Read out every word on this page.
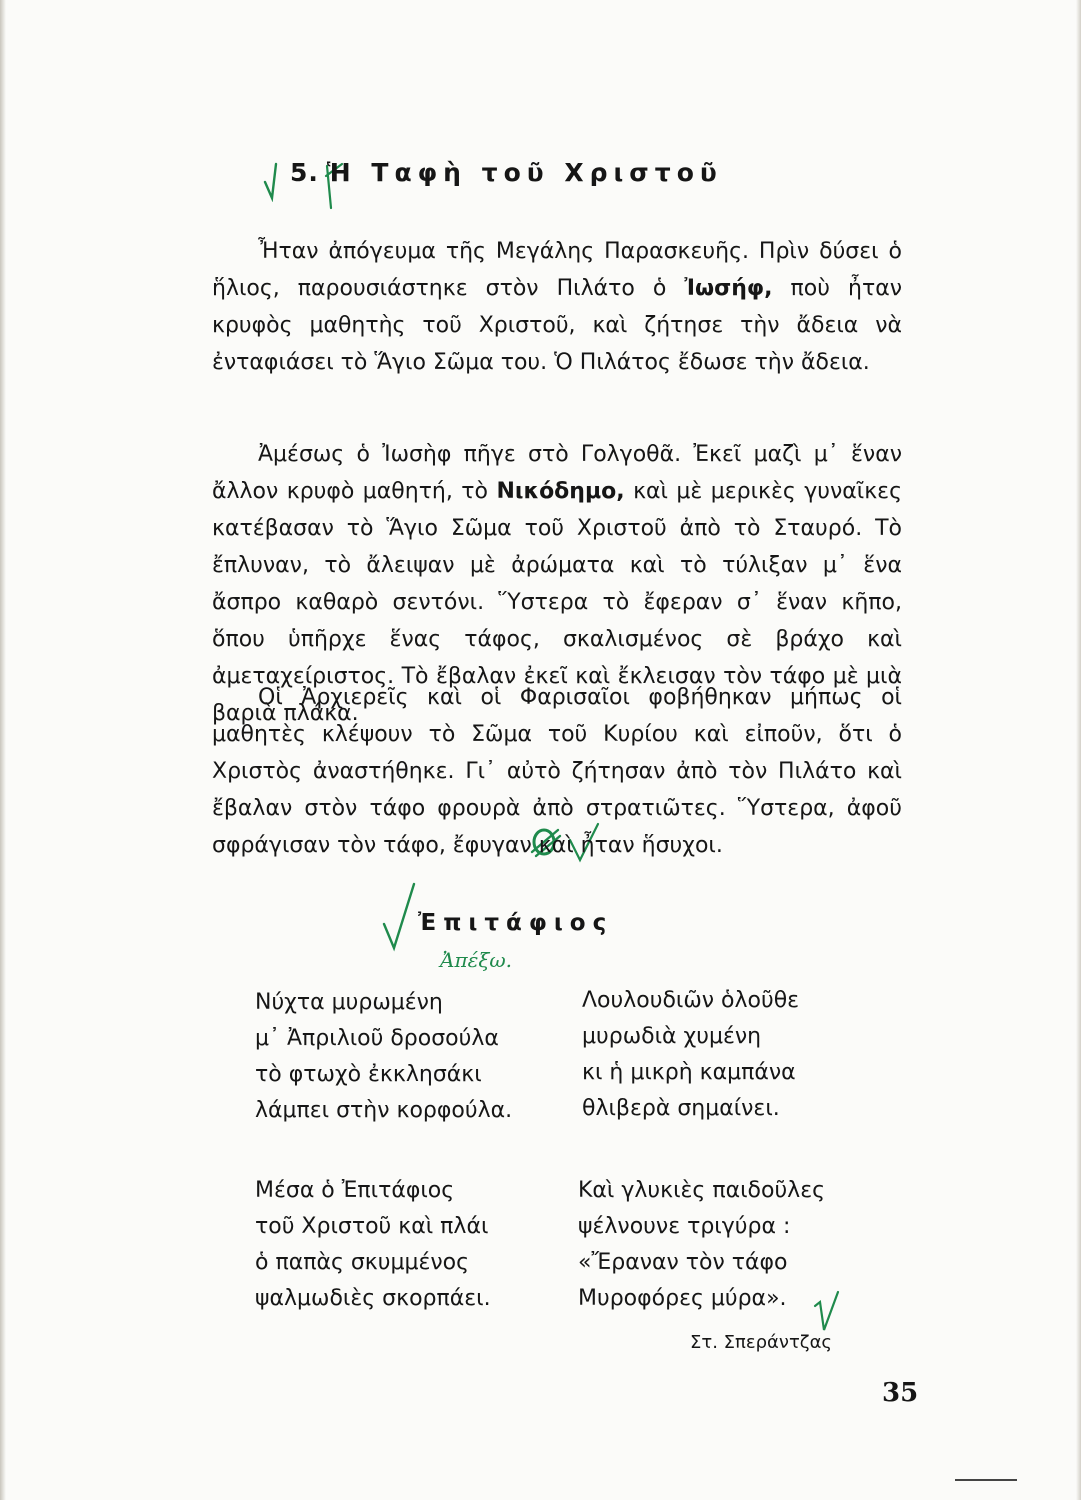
5. Ἡ Ταφὴ τοῦ Χριστοῦ

Ἦταν ἀπόγευμα τῆς Μεγάλης Παρασκευῆς. Πρὶν δύσει ὁ ἥλιος, παρουσιάστηκε στὸν Πιλάτο ὁ Ἰωσήφ, ποὺ ἦταν κρυφὸς μαθητὴς τοῦ Χριστοῦ, καὶ ζήτησε τὴν ἄδεια νὰ ἐνταφιάσει τὸ Ἅγιο Σῶμα του. Ὁ Πιλάτος ἔδωσε τὴν ἄδεια.

Ἀμέσως ὁ Ἰωσὴφ πῆγε στὸ Γολγοθᾶ. Ἐκεῖ μαζὶ μ᾽ ἕναν ἄλλον κρυφὸ μαθητή, τὸ Νικόδημο, καὶ μὲ μερικὲς γυναῖκες κατέβασαν τὸ Ἅγιο Σῶμα τοῦ Χριστοῦ ἀπὸ τὸ Σταυρό. Τὸ ἔπλυναν, τὸ ἄλειψαν μὲ ἀρώματα καὶ τὸ τύλιξαν μ᾽ ἕνα ἄσπρο καθαρὸ σεντόνι. Ὕστερα τὸ ἔφεραν σ᾽ ἕναν κῆπο, ὅπου ὑπῆρχε ἕνας τάφος, σκαλισμένος σὲ βράχο καὶ ἀμεταχείριστος. Τὸ ἔβαλαν ἐκεῖ καὶ ἔκλεισαν τὸν τάφο μὲ μιὰ βαριὰ πλάκα.

Οἱ Ἀρχιερεῖς καὶ οἱ Φαρισαῖοι φοβήθηκαν μήπως οἱ μαθητὲς κλέψουν τὸ Σῶμα τοῦ Κυρίου καὶ εἰποῦν, ὅτι ὁ Χριστὸς ἀναστήθηκε. Γι᾽ αὐτὸ ζήτησαν ἀπὸ τὸν Πιλάτο καὶ ἔβαλαν στὸν τάφο φρουρὰ ἀπὸ στρατιῶτες. Ὕστερα, ἀφοῦ σφράγισαν τὸν τάφο, ἔφυγαν καὶ ἦταν ἥσυχοι.

Ἐπιτάφιος
Ἀπέξω.
Νύχτα μυρωμένη
μ᾽ Ἀπριλιοῦ δροσούλα
τὸ φτωχὸ ἐκκλησάκι
λάμπει στὴν κορφούλα.
Λουλουδιῶν ὁλοῦθε
μυρωδιὰ χυμένη
κι ἡ μικρὴ καμπάνα
θλιβερὰ σημαίνει.
Μέσα ὁ Ἐπιτάφιος
τοῦ Χριστοῦ καὶ πλάι
ὁ παπὰς σκυμμένος
ψαλμωδιὲς σκορπάει.
Καὶ γλυκιὲς παιδοῦλες
ψέλνουνε τριγύρα :
«Ἔραναν τὸν τάφο
Μυροφόρες μύρα».
Στ. Σπεράντζας
35
